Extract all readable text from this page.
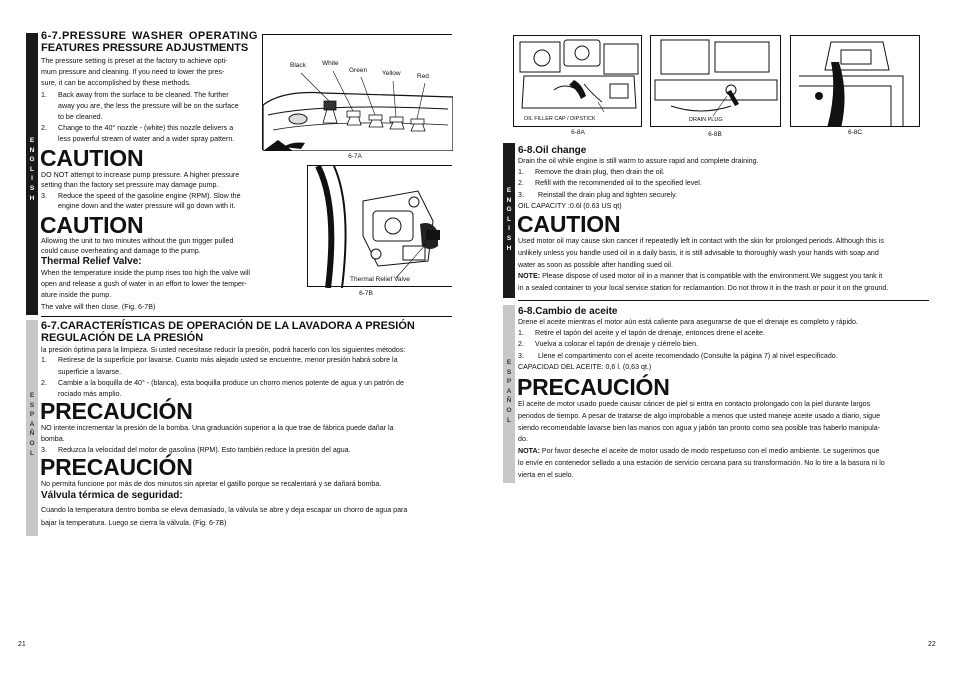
E
N
G
L
I
S
H
6-7.PRESSURE WASHER OPERATING
FEATURES PRESSURE ADJUSTMENTS
The pressure setting is preset at the factory to achieve opti-
mum pressure and cleaning. If you need to lower the pres-
sure, it can be accomplished by these methods.
1. Back away from the surface to be cleaned. The further
away you are, the less the pressure will be on the surface
to be cleaned.
2. Change to the 40° nozzle - (white) this nozzle delivers a
less powerful stream of water and a wider spray pattern.
CAUTION
DO NOT attempt to increase pump pressure. A higher pressure
setting than the factory set pressure may damage pump.
3. Reduce the speed of the gasoline engine (RPM). Slow the
engine down and the water pressure will go down with it.
CAUTION
Allowing the unit to two minutes without the gun trigger pulled
could cause overheating and damage to the pump.
Thermal Relief Valve:
When the temperature inside the pump rises too high the valve will
open and release a gush of water in an effort to lower the temper-
ature inside the pump.
The valve will then close. (Fig. 6-7B)
Black White
Green Yellow	Red
6-7A
Thermal Relief Valve
6-7B
E
S
P
A
Ñ
O
L
6-7.CARACTERÍSTICAS DE OPERACIÓN DE LA LAVADORA A PRESIÓN
REGULACIÓN DE LA PRESIÓN
la presión óptima para la limpieza. Si usted necesitase reducir la presión, podrá hacerlo con los siguientes métodos:
1. Retírese de la superficie por lavarse. Cuanto más alejado usted se encuentre, menor presión habrá sobre la
superficie a lavarse.
2. Cambie a la boquilla de 40° - (blanca), esta boquilla produce un chorro menos potente de agua y un patrón de
rociado más amplio.
PRECAUCIÓN
NO intente incrementar la presión de la bomba. Una graduación superior a la que trae de fábrica puede dañar la
bomba.
3. Reduzca la velocidad del motor de gasolina (RPM). Esto también reduce la presión del agua.
PRECAUCIÓN
No permita funcione por más de dos minutos sin apretar el gatillo porque se recalentará y se dañará bomba.
Válvula térmica de seguridad:
Cuando la temperatura dentro bomba se eleva demasiado, la válvula se abre y deja escapar un chorro de agua para
bajar la temperatura. Luego se cierra la válvula. (Fig. 6-7B)
21
OIL FILLER CAP / DIPSTICK
6-8A
DRAIN PLUG
6-8B	6-8C
E
N
G
L
I
S
H
6-8.Oil change
Drain the oil while engine is still warm to assure rapid and complete draining.
1. Remove the drain plug, then drain the oil.
2. Refill with the recommended oil to the specified level.
3.	Reinstall the drain plug and tighten securely.
OIL CAPACITY :0.6l (0.63 US qt)
CAUTION
Used motor oil may cause skin cancer if repeatedly left in contact with the skin for prolonged periods. Although this is
unlikely unless you handle used oil in a daily basis, it is still advisable to thoroughly wash your hands with soap and
water as soon as possible after handling sued oil.
NOTE: Please dispose of used motor oil in a manner that is compatible with the environment.We suggest you tank it
in a sealed container to your local service station for reclamantion. Do not throw it in the trash or pour it on the ground.
E
S
P
A
Ñ
O
L
6-8.Cambio de aceite
Drene el aceite mientras el motor aún está caliente para asegurarse de que el drenaje es completo y rápido.
1. Retire el tapón del aceite y el tapón de drenaje, entonces drene el aceite.
2. Vuelva a colocar el tapón de drenaje y ciérrelo bien.
3.	Llene el compartimento con el aceite recomendado (Consulte la página 7) al nivel especificado.
CAPACIDAD DEL ACEITE: 0,6 l. (0,63 qt.)
PRECAUCIÓN
El aceite de motor usado puede causar cáncer de piel si entra en contacto prolongado con la piel durante largos
periodos de tiempo. A pesar de tratarse de algo improbable a menos que usted maneje aceite usado a diario, sigue
siendo recomendable lavarse bien las manos con agua y jabón tan pronto como sea posible tras haberlo manipula-
do.
NOTA: Por favor deseche el aceite de motor usado de modo respetuoso con el medio ambiente. Le sugerimos que
lo envíe en contenedor sellado a una estación de servicio cercana para su transformación. No lo tire a la basura ni lo
vierta en el suelo.
22
